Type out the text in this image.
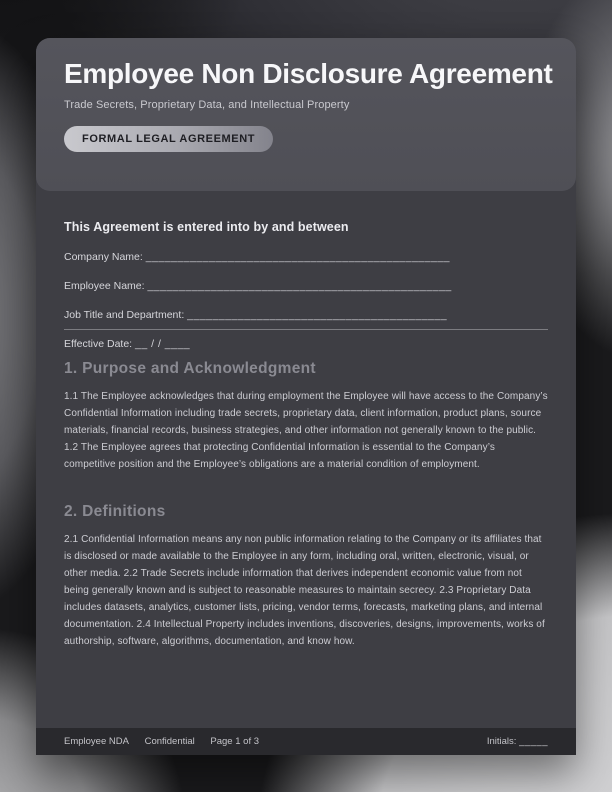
Employee Non Disclosure Agreement

Trade Secrets, Proprietary Data, and Intellectual Property

FORMAL LEGAL AGREEMENT

This Agreement is entered into by and between

Company Name: ________________________________________________
Employee Name: ________________________________________________
Job Title and Department: _________________________________________
Effective Date: __ / / ____
1. Purpose and Acknowledgment

1.1 The Employee acknowledges that during employment the Employee will have access to the Company’s Confidential Information including trade secrets, proprietary data, client information, product plans, source materials, financial records, business strategies, and other information not generally known to the public. 1.2 The Employee agrees that protecting Confidential Information is essential to the Company’s competitive position and the Employee’s obligations are a material condition of employment.

2. Definitions

2.1 Confidential Information means any non public information relating to the Company or its affiliates that is disclosed or made available to the Employee in any form, including oral, written, electronic, visual, or other media. 2.2 Trade Secrets include information that derives independent economic value from not being generally known and is subject to reasonable measures to maintain secrecy. 2.3 Proprietary Data includes datasets, analytics, customer lists, pricing, vendor terms, forecasts, marketing plans, and internal documentation. 2.4 Intellectual Property includes inventions, discoveries, designs, improvements, works of authorship, software, algorithms, documentation, and know how.

Employee NDA Confidential Page 1 of 3	Initials: _____
